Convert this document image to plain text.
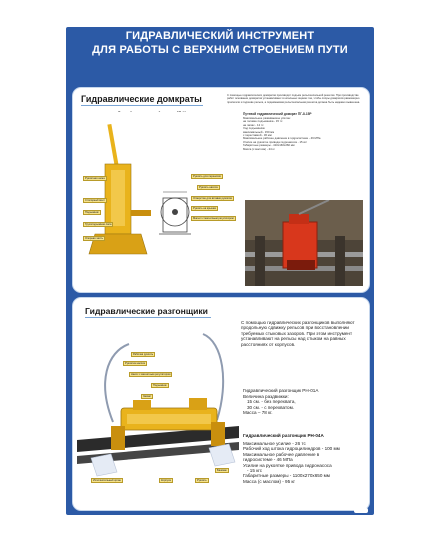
ГИДРАВЛИЧЕСКИЙ ИНСТРУМЕНТ
ДЛЯ РАБОТЫ С ВЕРХНИМ СТРОЕНИЕМ ПУТИ
Гидравлические домкраты	С помощью гидравлических домкратов производят подъем рельсошпальной решетки. При производстве работ основание домкратов устанавливают в шпальных ящиках так, чтобы опоры домкратов равномерно прилегали к подошве рельса, а поднимаемая рельсошпальная решетка должна быть надежно вывешена.
Путевой гидравлический домкрат ПГ-8-15Р
Максимальное развиваемое усилие:
на головке подъемника - 15 тс
на лапах - 12 тс
Ход подъемника:
максимальный - 150 мм
с переставкой - 30 мм
Максимальное рабочее давление в гидросистеме - 46 МПа
Усилие на рукоятке привода гидронасоса - 15 кгс
Габаритные размеры - 410x160x260 мм
Масса (с маслом) - 24 кг
Рукоятная шина
Стопорный винт
Подъемник
Грузоподъемная лапа
Опорная часть
Рукоять для переноски
Рукоять насоса
Отверстие для вставки рукоятки
Рукоять на крышке
Магнит с магнитным регулятором
Гидравлические разгонщики
С помощью гидравлических разгонщиков выполняют продольную сдвижку рельсов при восстановлении требуемых стыковых зазоров. При этом инструмент устанавливают на рельсы над стыком на равных расстояниях от корпусов.
Гидравлический разгонщик РН-01А
Величина раздвижки:
15 см. - без перехвата,
30 см. - с перехватом.
Масса – 78 кг.
Гидравлический разгонщик РН-04А
Максимальное усилие - 26 тс
Рабочий ход штока гидроцилиндров - 100 мм
Максимальное рабочее давление в
гидросистеме - 46 МПа
Усилие на рукоятке привода гидронасоса
- 15 кгс
Габаритные размеры - 1100x270x650 мм
Масса (с маслом) - 95 кг
Рабочая рукоять
Рукоятка насоса
Насос с магнитным регулятором
Подъемник
Захват
Исполнительный орган	Корпуса	Рукоять
Башмак
